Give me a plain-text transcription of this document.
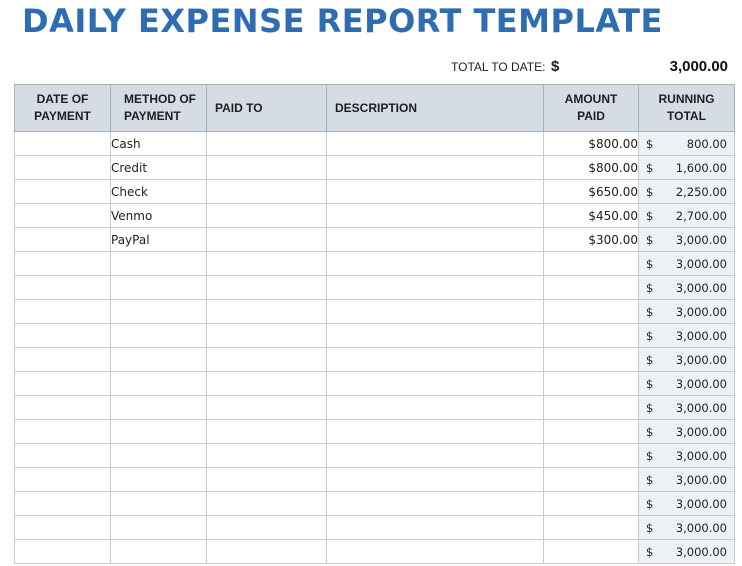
DAILY EXPENSE REPORT TEMPLATE
TOTAL TO DATE: $	3,000.00
DATE OF PAYMENT	METHOD OF PAYMENT	PAID TO	DESCRIPTION	AMOUNT PAID	RUNNING TOTAL
	Cash			$800.00	$ 800.00

	Credit			$800.00	$ 1,600.00

	Check			$650.00	$ 2,250.00

	Venmo			$450.00	$ 2,700.00

	PayPal			$300.00	$ 3,000.00

					$ 3,000.00

					$ 3,000.00

					$ 3,000.00

					$ 3,000.00

					$ 3,000.00

					$ 3,000.00

					$ 3,000.00

					$ 3,000.00

					$ 3,000.00

					$ 3,000.00

					$ 3,000.00

					$ 3,000.00

					$ 3,000.00
